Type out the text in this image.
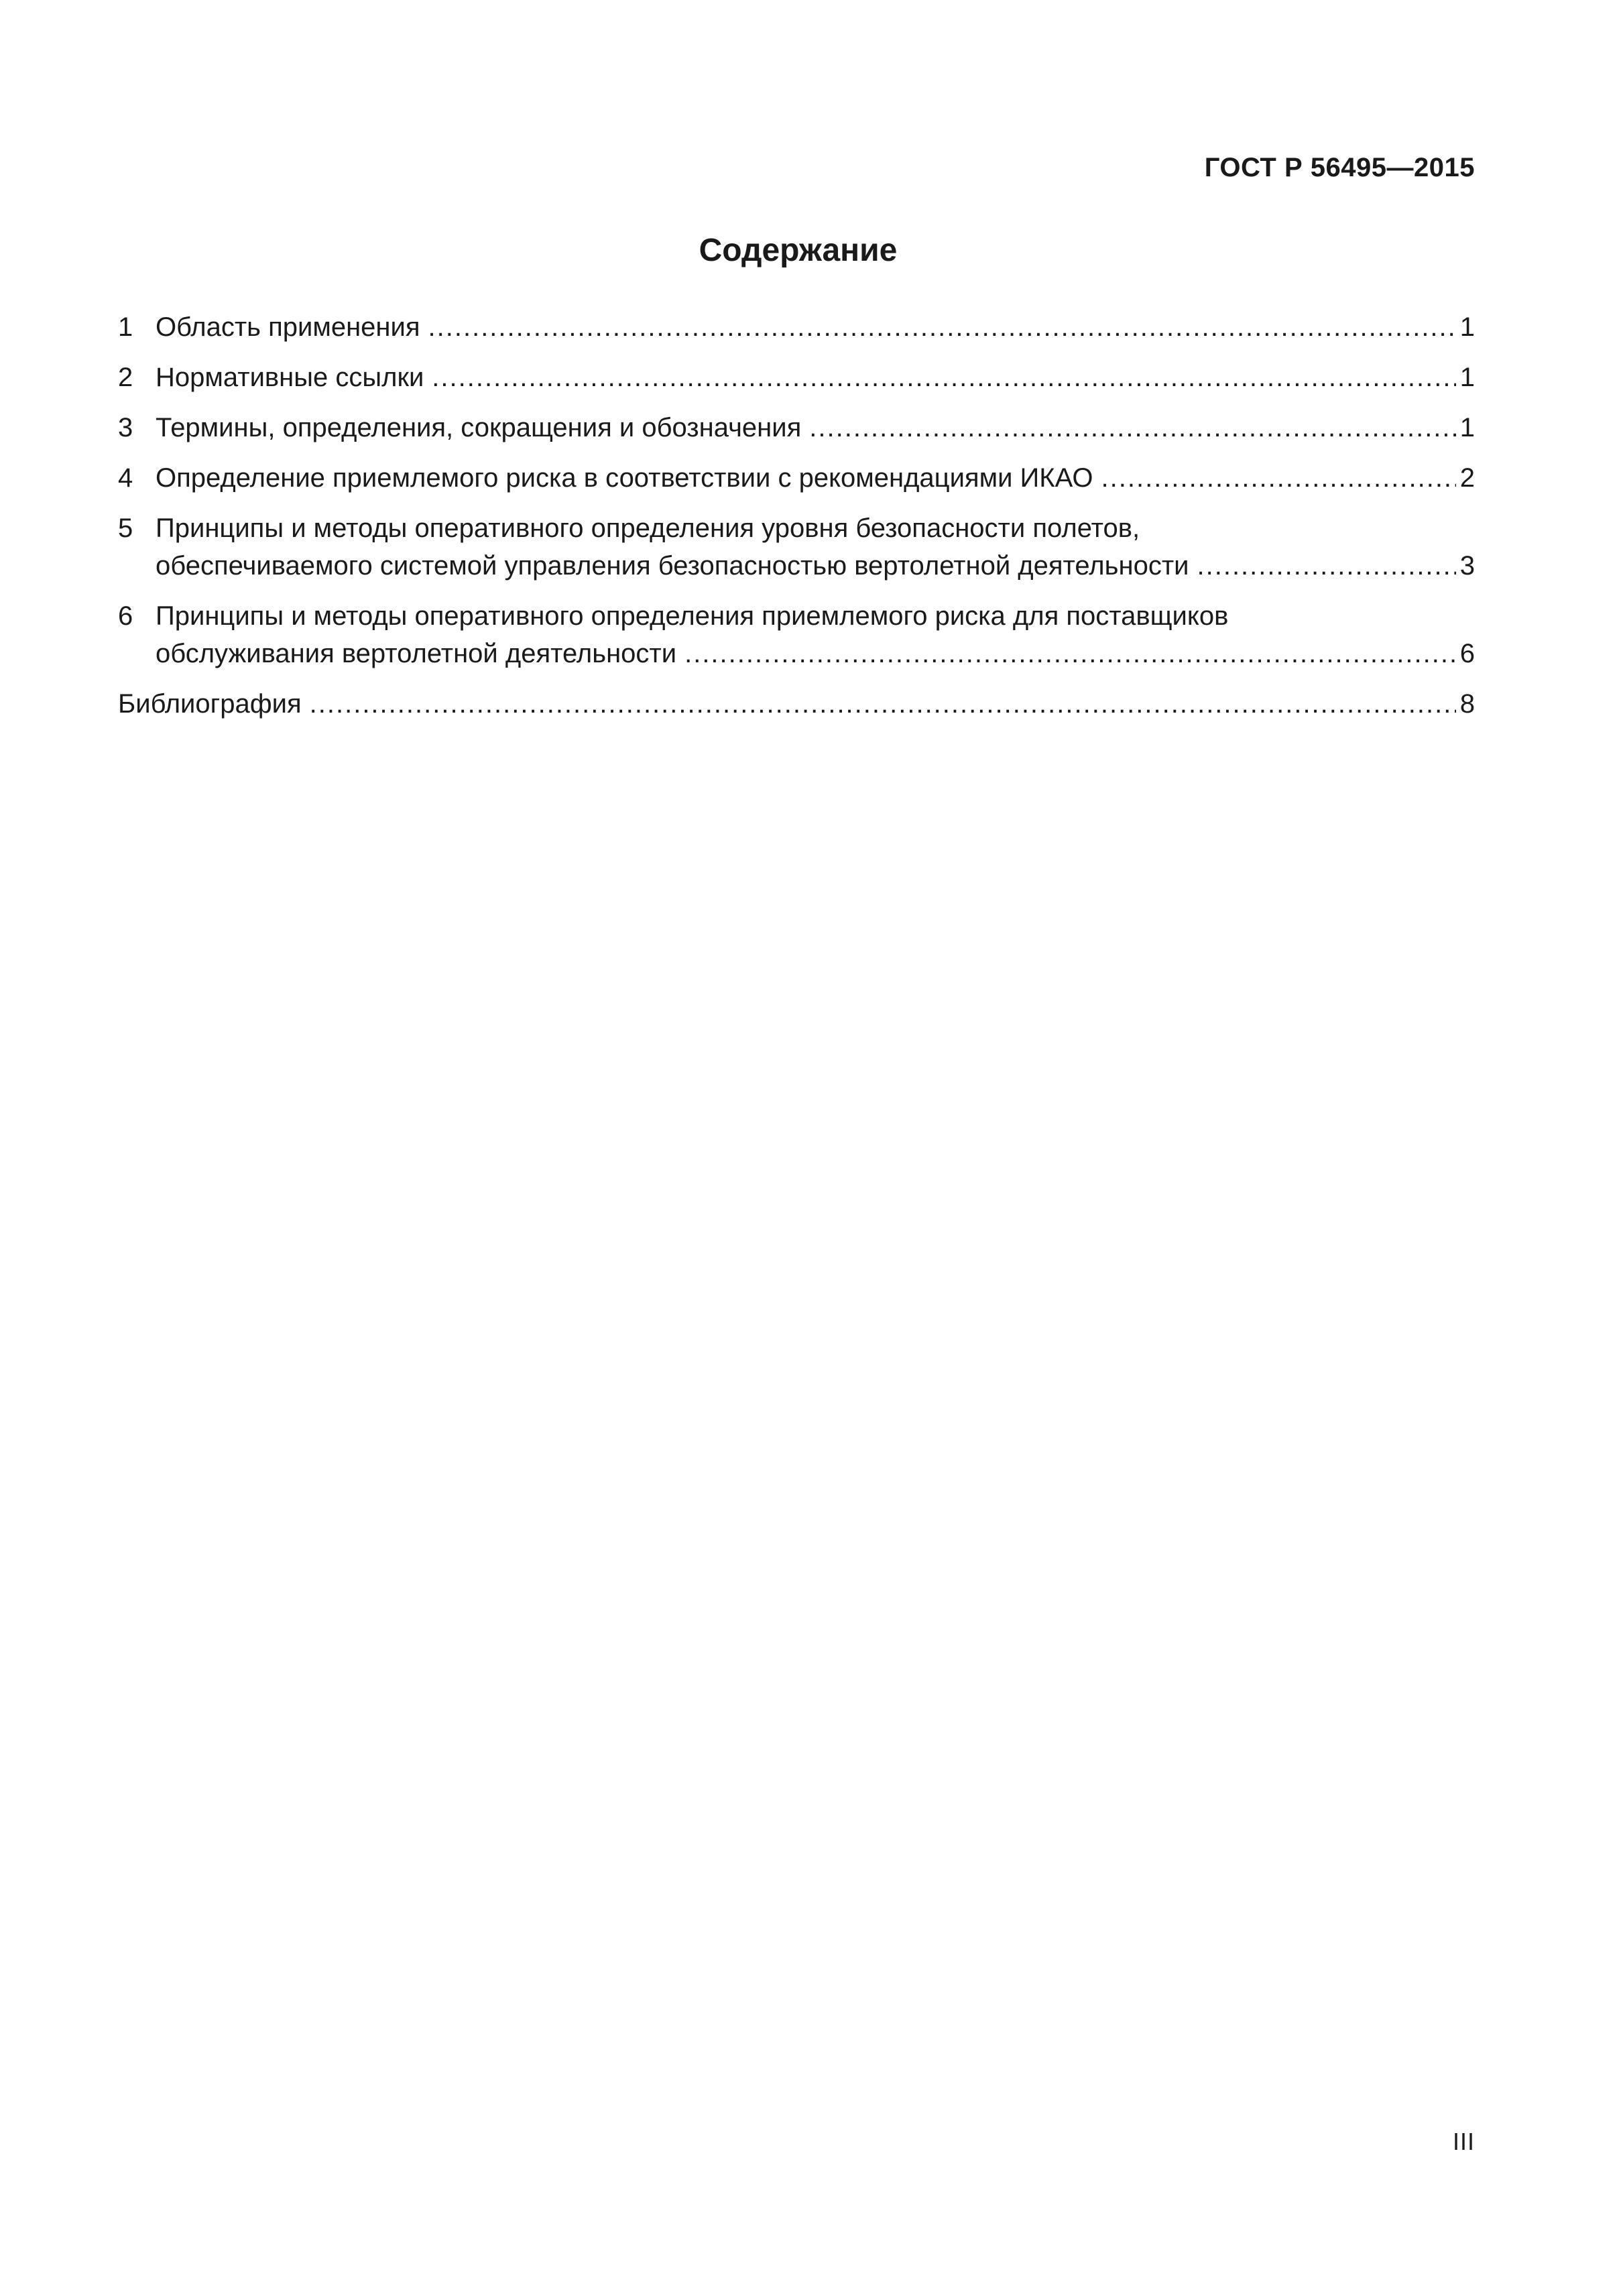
ГОСТ Р 56495—2015
Содержание
1 Область применения .....	1
2 Нормативные ссылки .....	1
3 Термины, определения, сокращения и обозначения .....	1
4 Определение приемлемого риска в соответствии с рекомендациями ИКАО .....	2
5 Принципы и методы оперативного определения уровня безопасности полетов,
обеспечиваемого системой управления безопасностью вертолетной деятельности .....	3
6 Принципы и методы оперативного определения приемлемого риска для поставщиков
обслуживания вертолетной деятельности .....	6
Библиография .....	8
III
